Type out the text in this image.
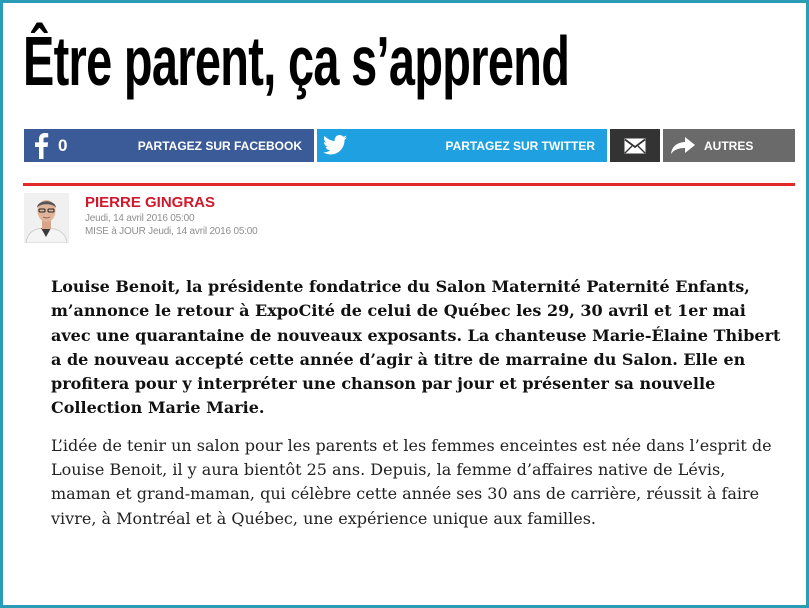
Être parent, ça s’apprend
0	PARTAGEZ SUR FACEBOOK	PARTAGEZ SUR TWITTER	AUTRES
PIERRE GINGRAS
Jeudi, 14 avril 2016 05:00
MISE à JOUR Jeudi, 14 avril 2016 05:00

Louise Benoit, la présidente fondatrice du Salon Maternité Paternité Enfants, m’annonce le retour à ExpoCité de celui de Québec les 29, 30 avril et 1er mai avec une quarantaine de nouveaux exposants. La chanteuse Marie-Élaine Thibert a de nouveau accepté cette année d’agir à titre de marraine du Salon. Elle en profitera pour y interpréter une chanson par jour et présenter sa nouvelle Collection Marie Marie.

L’idée de tenir un salon pour les parents et les femmes enceintes est née dans l’esprit de Louise Benoit, il y aura bientôt 25 ans. Depuis, la femme d’affaires native de Lévis, maman et grand-maman, qui célèbre cette année ses 30 ans de carrière, réussit à faire vivre, à Montréal et à Québec, une expérience unique aux familles.
